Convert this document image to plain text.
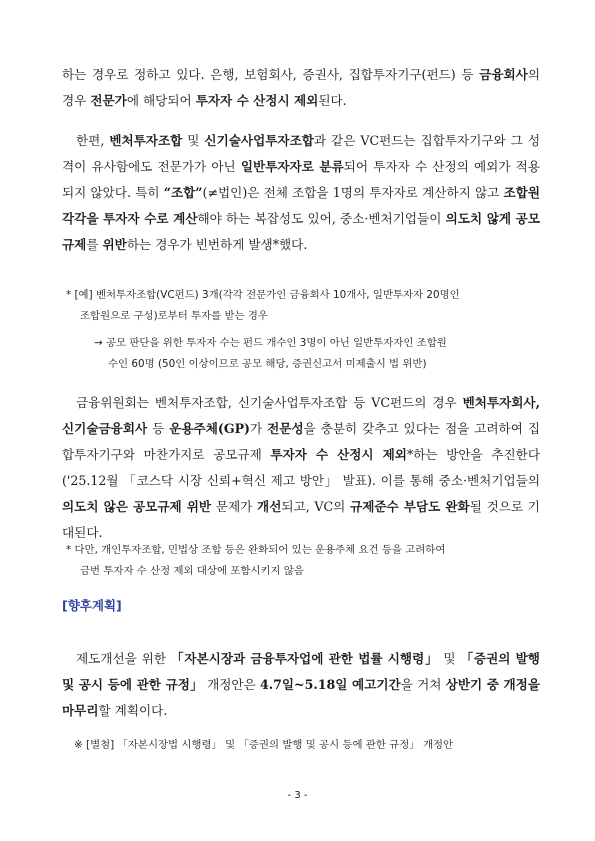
하는 경우로 정하고 있다. 은행, 보험회사, 증권사, 집합투자기구(펀드) 등 금융회사의 경우 전문가에 해당되어 투자자 수 산정시 제외된다.
한편, 벤처투자조합 및 신기술사업투자조합과 같은 VC펀드는 집합투자기구와 그 성격이 유사함에도 전문가가 아닌 일반투자자로 분류되어 투자자 수 산정의 예외가 적용되지 않았다. 특히 “조합”(≠법인)은 전체 조합을 1명의 투자자로 계산하지 않고 조합원 각각을 투자자 수로 계산해야 하는 복잡성도 있어, 중소·벤처기업들이 의도치 않게 공모규제를 위반하는 경우가 빈번하게 발생*했다.
* [예] 벤처투자조합(VC펀드) 3개(각각 전문가인 금융회사 10개사, 일반투자자 20명인
조합원으로 구성)로부터 투자를 받는 경우
→ 공모 판단을 위한 투자자 수는 펀드 개수인 3명이 아닌 일반투자자인 조합원
수인 60명 (50인 이상이므로 공모 해당, 증권신고서 미제출시 법 위반)
금융위원회는 벤처투자조합, 신기술사업투자조합 등 VC펀드의 경우 벤처투자회사, 신기술금융회사 등 운용주체(GP)가 전문성을 충분히 갖추고 있다는 점을 고려하여 집합투자기구와 마찬가지로 공모규제 투자자 수 산정시 제외*하는 방안을 추진한다('25.12월 「코스닥 시장 신뢰+혁신 제고 방안」 발표). 이를 통해 중소·벤처기업들의 의도치 않은 공모규제 위반 문제가 개선되고, VC의 규제준수 부담도 완화될 것으로 기대된다.
* 다만, 개인투자조합, 민법상 조합 등은 완화되어 있는 운용주체 요건 등을 고려하여
금번 투자자 수 산정 제외 대상에 포함시키지 않음
[향후계획]
제도개선을 위한 「자본시장과 금융투자업에 관한 법률 시행령」 및 「증권의 발행 및 공시 등에 관한 규정」 개정안은 4.7일~5.18일 예고기간을 거쳐 상반기 중 개정을 마무리할 계획이다.
※ [별첨] 「자본시장법 시행령」 및 「증권의 발행 및 공시 등에 관한 규정」 개정안
- 3 -
